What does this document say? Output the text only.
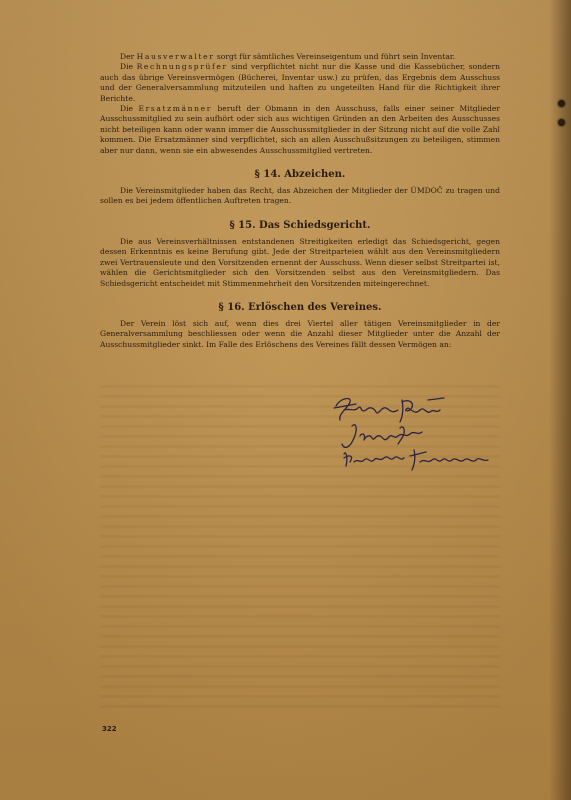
Der Hausverwalter sorgt für sämtliches Vereinseigentum und führt sein Inventar.

Die Rechnungsprüfer sind verpflichtet nicht nur die Kasse und die Kassebücher, sondern auch das übrige Vereinsvermögen (Bücherei, Inventar usw.) zu prüfen, das Ergebnis dem Ausschuss und der Generalversammlung mitzuteilen und haften zu ungeteilten Hand für die Richtigkeit ihrer Berichte.

Die Ersatzmänner beruft der Obmann in den Ausschuss, falls einer seiner Mitglieder Ausschussmitglied zu sein aufhört oder sich aus wichtigen Gründen an den Arbeiten des Ausschusses nicht beteiligen kann oder wann immer die Ausschussmitglieder in der Sitzung nicht auf die volle Zahl kommen. Die Ersatzmänner sind verpflichtet, sich an allen Ausschußsitzungen zu beteiligen, stimmen aber nur dann, wenn sie ein abwesendes Ausschussmitglied vertreten.

§ 14. Abzeichen.

Die Vereinsmitglieder haben das Recht, das Abzeichen der Mitglieder der ÚMDOČ zu tragen und sollen es bei jedem öffentlichen Auftreten tragen.

§ 15. Das Schiedsgericht.

Die aus Vereinsverhältnissen entstandenen Streitigkeiten erledigt das Schiedsgericht, gegen dessen Erkenntnis es keine Berufung gibt. Jede der Streitparteien wählt aus den Vereinsmitgliedern zwei Vertrauensleute und den Vorsitzenden ernennt der Ausschuss. Wenn dieser selbst Streitpartei ist, wählen die Gerichtsmitglieder sich den Vorsitzenden selbst aus den Vereinsmitgliedern. Das Schiedsgericht entscheidet mit Stimmenmehrheit den Vorsitzenden miteingerechnet.

§ 16. Erlöschen des Vereines.

Der Verein löst sich auf, wenn dies drei Viertel aller tätigen Vereinsmitglieder in der Generalversammlung beschliessen oder wenn die Anzahl dieser Mitglieder unter die Anzahl der Ausschussmitglieder sinkt. Im Falle des Erlöschens des Vereines fällt dessen Vermögen an:

322
